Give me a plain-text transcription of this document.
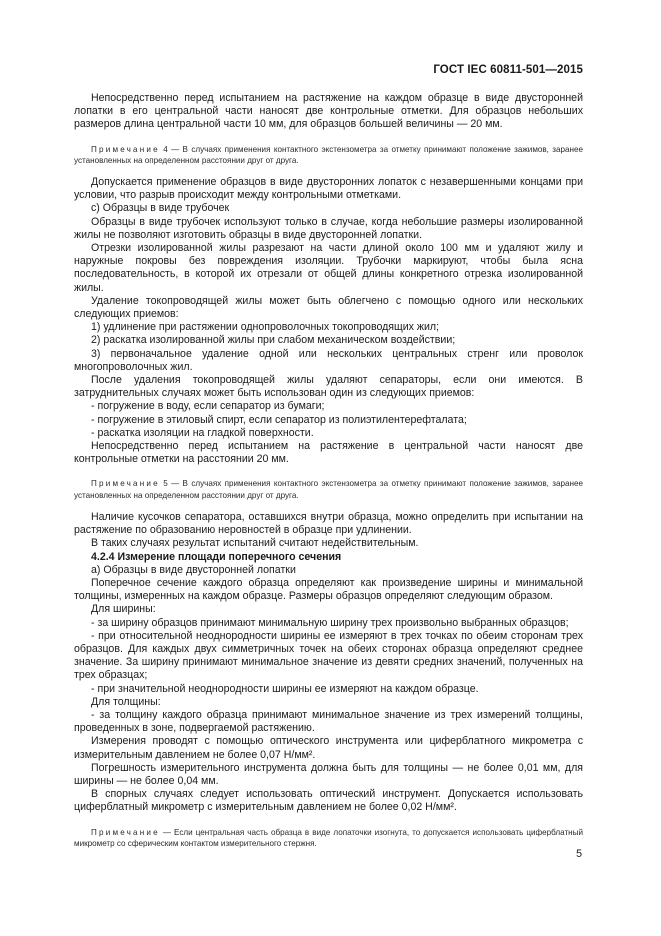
ГОСТ IEC 60811-501—2015

Непосредственно перед испытанием на растяжение на каждом образце в виде двусторонней лопатки в его центральной части наносят две контрольные отметки. Для образцов небольших размеров длина центральной части 10 мм, для образцов большей величины — 20 мм.

Примечание 4 — В случаях применения контактного экстензометра за отметку принимают положение зажимов, заранее установленных на определенном расстоянии друг от друга.

Допускается применение образцов в виде двусторонних лопаток с незавершенными концами при условии, что разрыв происходит между контрольными отметками.

с) Образцы в виде трубочек

Образцы в виде трубочек используют только в случае, когда небольшие размеры изолированной жилы не позволяют изготовить образцы в виде двусторонней лопатки.

Отрезки изолированной жилы разрезают на части длиной около 100 мм и удаляют жилу и наружные покровы без повреждения изоляции. Трубочки маркируют, чтобы была ясна последовательность, в которой их отрезали от общей длины конкретного отрезка изолированной жилы.

Удаление токопроводящей жилы может быть облегчено с помощью одного или нескольких следующих приемов:

1) удлинение при растяжении однопроволочных токопроводящих жил;

2) раскатка изолированной жилы при слабом механическом воздействии;

3) первоначальное удаление одной или нескольких центральных стренг или проволок многопроволочных жил.

После удаления токопроводящей жилы удаляют сепараторы, если они имеются. В затруднительных случаях может быть использован один из следующих приемов:

- погружение в воду, если сепаратор из бумаги;

- погружение в этиловый спирт, если сепаратор из полиэтилентерефталата;

- раскатка изоляции на гладкой поверхности.

Непосредственно перед испытанием на растяжение в центральной части наносят две контрольные отметки на расстоянии 20 мм.

Примечание 5 — В случаях применения контактного экстензометра за отметку принимают положение зажимов, заранее установленных на определенном расстоянии друг от друга.

Наличие кусочков сепаратора, оставшихся внутри образца, можно определить при испытании на растяжение по образованию неровностей в образце при удлинении.

В таких случаях результат испытаний считают недействительным.

4.2.4 Измерение площади поперечного сечения

а) Образцы в виде двусторонней лопатки

Поперечное сечение каждого образца определяют как произведение ширины и минимальной толщины, измеренных на каждом образце. Размеры образцов определяют следующим образом.

Для ширины:

- за ширину образцов принимают минимальную ширину трех произвольно выбранных образцов;

- при относительной неоднородности ширины ее измеряют в трех точках по обеим сторонам трех образцов. Для каждых двух симметричных точек на обеих сторонах образца определяют среднее значение. За ширину принимают минимальное значение из девяти средних значений, полученных на трех образцах;

- при значительной неоднородности ширины ее измеряют на каждом образце.

Для толщины:

- за толщину каждого образца принимают минимальное значение из трех измерений толщины, проведенных в зоне, подвергаемой растяжению.

Измерения проводят с помощью оптического инструмента или циферблатного микрометра с измерительным давлением не более 0,07 Н/мм².

Погрешность измерительного инструмента должна быть для толщины — не более 0,01 мм, для ширины — не более 0,04 мм.

В спорных случаях следует использовать оптический инструмент. Допускается использовать циферблатный микрометр с измерительным давлением не более 0,02 Н/мм².

Примечание — Если центральная часть образца в виде лопаточки изогнута, то допускается использовать циферблатный микрометр со сферическим контактом измерительного стержня.

5
